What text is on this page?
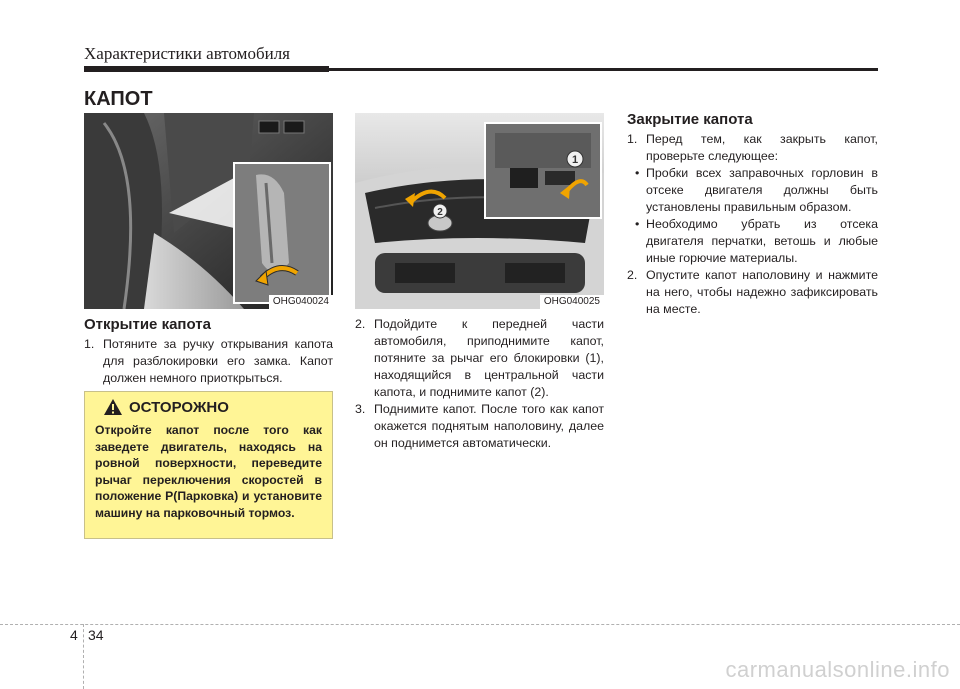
Характеристики автомобиля
КАПОТ
OHG040024
1
2
OHG040025
Открытие капота

1. Потяните за ручку открывания капота для разблокировки его замка. Капот должен немного приоткрыться.

ОСТОРОЖНО
Откройте капот после того как заведете двигатель, находясь на ровной поверхности, переведите рычаг переключения скоростей в положение P(Парковка) и установите машину на парковочный тормоз.

2. Подойдите к передней части автомобиля, приподнимите капот, потяните за рычаг его блокировки (1), находящийся в центральной части капота, и поднимите капот (2).

3. Поднимите капот. После того как капот окажется поднятым наполовину, далее он поднимется автоматически.

Закрытие капота

1. Перед тем, как закрыть капот, проверьте следующее:

• Пробки всех заправочных горловин в отсеке двигателя должны быть установлены правильным образом.

• Необходимо убрать из отсека двигателя перчатки, ветошь и любые иные горючие материалы.

2. Опустите капот наполовину и нажмите на него, чтобы надежно зафиксировать на месте.

4 34
carmanualsonline.info
